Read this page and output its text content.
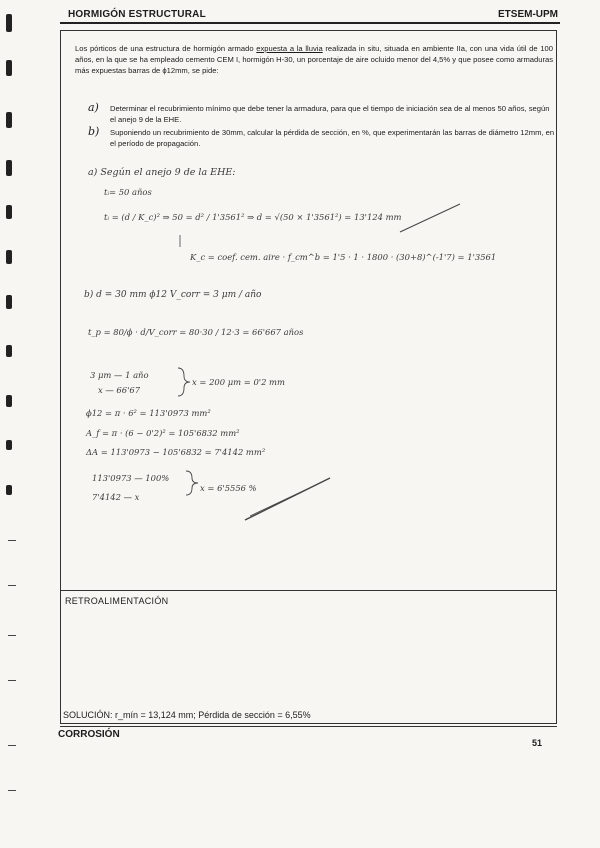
HORMIGÓN ESTRUCTURAL	ETSEM-UPM
Los pórticos de una estructura de hormigón armado expuesta a la lluvia realizada in situ, situada en ambiente IIa, con una vida útil de 100 años, en la que se ha empleado cemento CEM I, hormigón H-30, un porcentaje de aire ocluido menor del 4,5% y que posee como armaduras más expuestas barras de ϕ12mm, se pide:
a) Determinar el recubrimiento mínimo que debe tener la armadura, para que el tiempo de iniciación sea de al menos 50 años, según el anejo 9 de la EHE.
b) Suponiendo un recubrimiento de 30mm, calcular la pérdida de sección, en %, que experimentarán las barras de diámetro 12mm, en el período de propagación.
a) Según el anejo 9 de la EHE:
tᵢ= 50 años
tᵢ = (d / K_c)² ⇒ 50 = d² / 1'3561² ⇒ d = √(50 × 1'3561²) = 13'124 mm
K_c = coef. cem. aire · f_cm^b = 1'5 · 1 · 1800 · (30+8)^(-1'7) = 1'3561
b) d = 30 mm ϕ12 V_corr = 3 μm / año
t_p = 80/ϕ · d/V_corr = 80·30 / 12·3 = 66'667 años
3 μm — 1 año
x — 66'67
x = 200 μm = 0'2 mm
ϕ12 = π · 6² = 113'0973 mm²
A_f = π · (6 − 0'2)² = 105'6832 mm²
ΔA = 113'0973 − 105'6832 = 7'4142 mm²
113'0973 — 100%
7'4142 — x
x = 6'5556 %
RETROALIMENTACIÓN
SOLUCIÓN: r_mín = 13,124 mm; Pérdida de sección = 6,55%
CORROSIÓN
51
